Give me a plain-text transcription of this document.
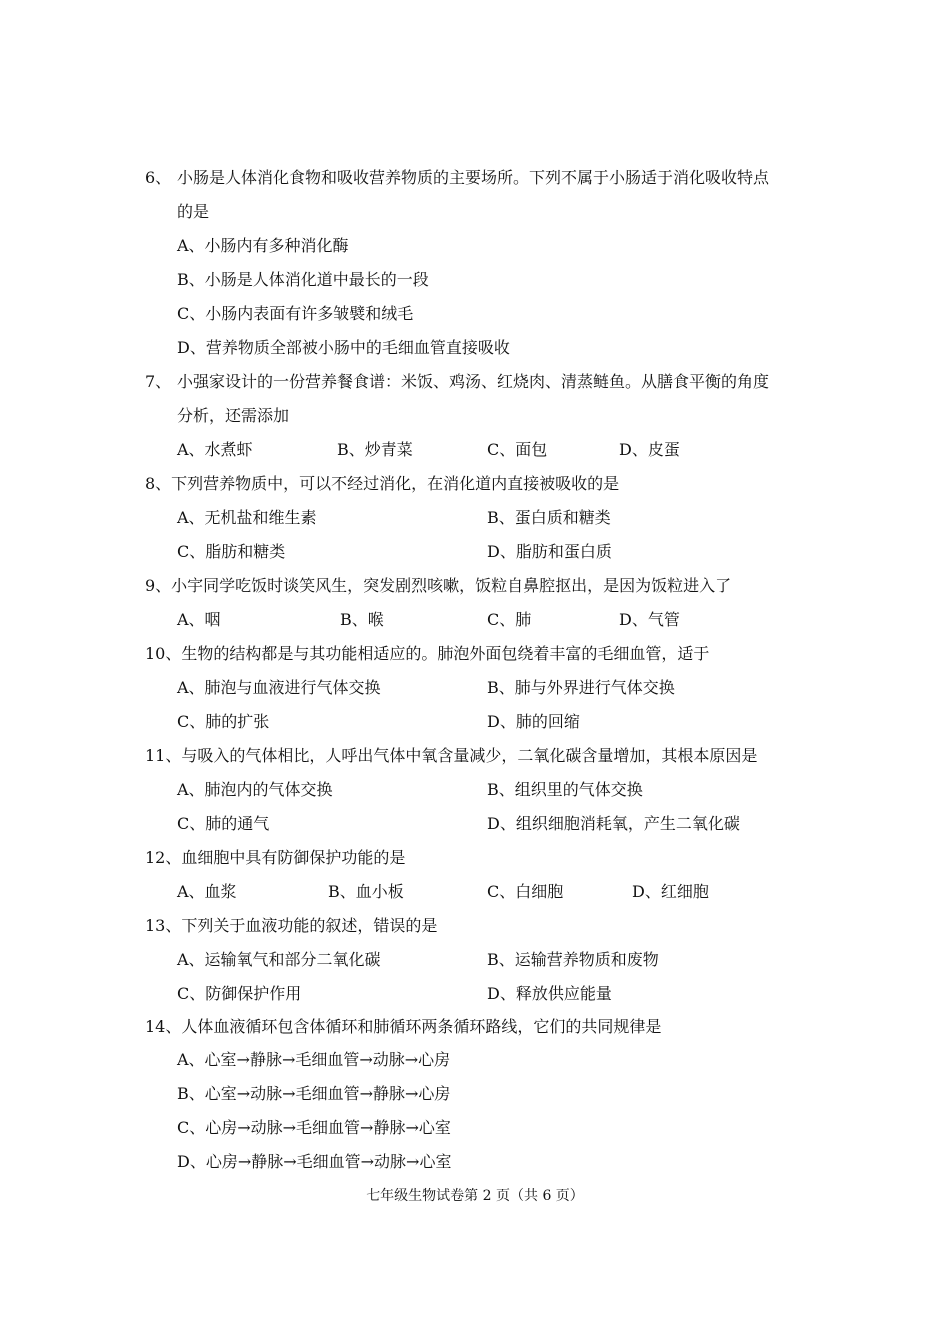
6、 小肠是人体消化食物和吸收营养物质的主要场所。下列不属于小肠适于消化吸收特点
的是
A、小肠内有多种消化酶
B、小肠是人体消化道中最长的一段
C、小肠内表面有许多皱襞和绒毛
D、营养物质全部被小肠中的毛细血管直接吸收
7、 小强家设计的一份营养餐食谱：米饭、鸡汤、红烧肉、清蒸鲢鱼。从膳食平衡的角度
分析，还需添加
A、水煮虾	B、炒青菜	C、面包	D、皮蛋
8、下列营养物质中，可以不经过消化，在消化道内直接被吸收的是
A、无机盐和维生素	B、蛋白质和糖类
C、脂肪和糖类	D、脂肪和蛋白质
9、小宇同学吃饭时谈笑风生，突发剧烈咳嗽，饭粒自鼻腔抠出，是因为饭粒进入了
A、咽	B、喉	C、肺	D、气管
10、生物的结构都是与其功能相适应的。肺泡外面包绕着丰富的毛细血管，适于
A、肺泡与血液进行气体交换	B、肺与外界进行气体交换
C、肺的扩张	D、肺的回缩
11、与吸入的气体相比，人呼出气体中氧含量减少，二氧化碳含量增加，其根本原因是
A、肺泡内的气体交换	B、组织里的气体交换
C、肺的通气	D、组织细胞消耗氧，产生二氧化碳
12、血细胞中具有防御保护功能的是
A、血浆	B、血小板	C、白细胞	D、红细胞
13、下列关于血液功能的叙述，错误的是
A、运输氧气和部分二氧化碳	B、运输营养物质和废物
C、防御保护作用	D、释放供应能量
14、人体血液循环包含体循环和肺循环两条循环路线，它们的共同规律是
A、心室→静脉→毛细血管→动脉→心房
B、心室→动脉→毛细血管→静脉→心房
C、心房→动脉→毛细血管→静脉→心室
D、心房→静脉→毛细血管→动脉→心室
七年级生物试卷第 2 页（共 6 页）
